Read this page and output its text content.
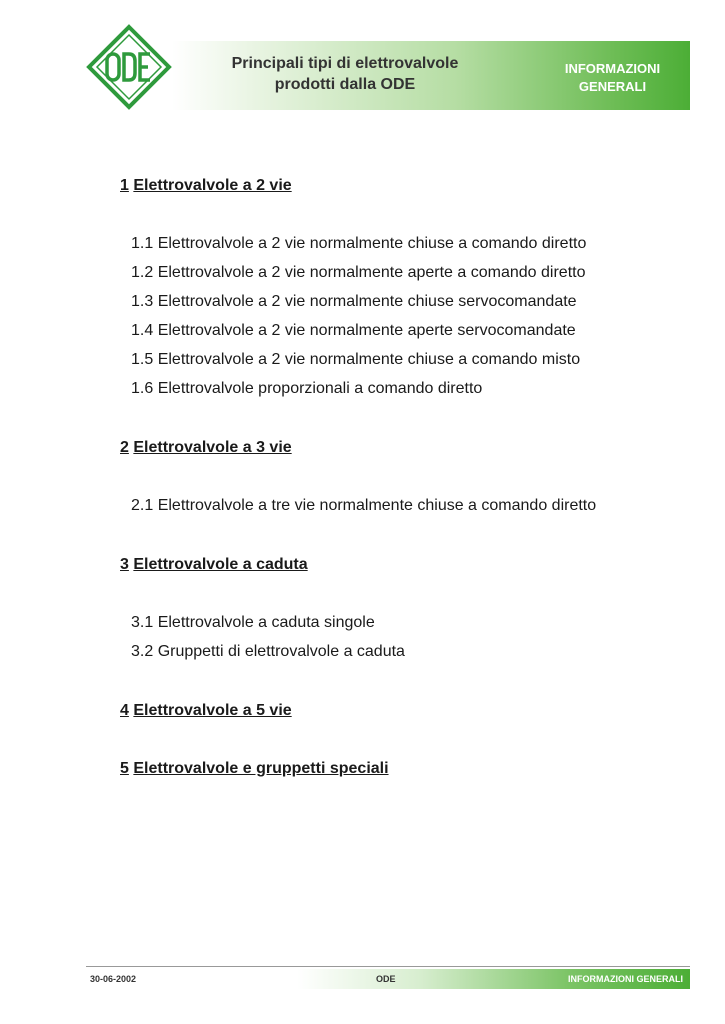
Principali tipi di elettrovalvole
prodotti dalla ODE
INFORMAZIONI
GENERALI
1 Elettrovalvole a 2 vie
1.1 Elettrovalvole a 2 vie normalmente chiuse a comando diretto
1.2 Elettrovalvole a 2 vie normalmente aperte a comando diretto
1.3 Elettrovalvole a 2 vie normalmente chiuse servocomandate
1.4 Elettrovalvole a 2 vie normalmente aperte servocomandate
1.5 Elettrovalvole a 2 vie normalmente chiuse a comando misto
1.6 Elettrovalvole proporzionali a comando diretto
2 Elettrovalvole a 3 vie
2.1 Elettrovalvole a tre vie normalmente chiuse a comando diretto
3 Elettrovalvole a caduta
3.1 Elettrovalvole a caduta singole
3.2 Gruppetti di elettrovalvole a caduta
4 Elettrovalvole a 5 vie
5 Elettrovalvole e gruppetti speciali
30-06-2002	ODE	INFORMAZIONI GENERALI
